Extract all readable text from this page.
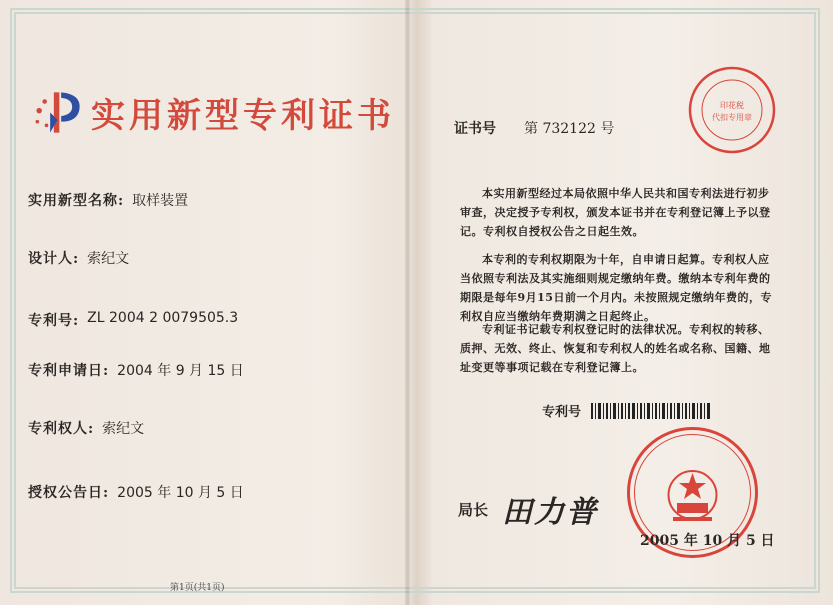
实用新型专利证书
实用新型名称: 取样装置
设计人: 索纪文
专利号: ZL 2004 2 0079505.3
专利申请日: 2004 年 9 月 15 日
专利权人: 索纪文
授权公告日: 2005 年 10 月 5 日
第1页(共1页)
印花税
代扣专用章
证书号 第 732122 号
本实用新型经过本局依照中华人民共和国专利法进行初步审查，决定授予专利权，颁发本证书并在专利登记簿上予以登记。专利权自授权公告之日起生效。
本专利的专利权期限为十年，自申请日起算。专利权人应当依照专利法及其实施细则规定缴纳年费。缴纳本专利年费的期限是每年9月15日前一个月内。未按照规定缴纳年费的，专利权自应当缴纳年费期满之日起终止。
专利证书记载专利权登记时的法律状况。专利权的转移、质押、无效、终止、恢复和专利权人的姓名或名称、国籍、地址变更等事项记载在专利登记簿上。
专利号
局长 田力普
2005 年 10 月 5 日
